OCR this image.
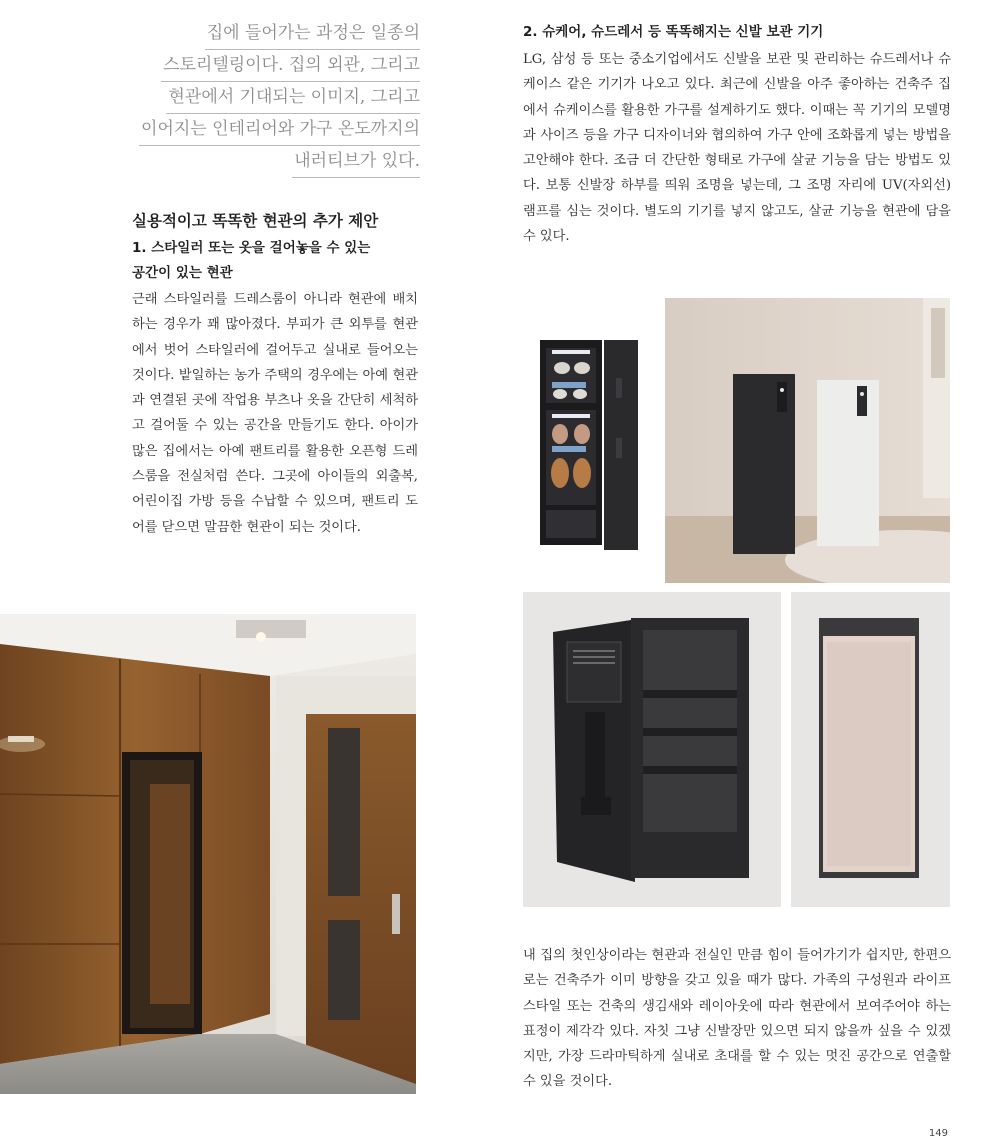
집에 들어가는 과정은 일종의
스토리텔링이다. 집의 외관, 그리고
현관에서 기대되는 이미지, 그리고
이어지는 인테리어와 가구 온도까지의
내러티브가 있다.
실용적이고 똑똑한 현관의 추가 제안
1. 스타일러 또는 옷을 걸어놓을 수 있는
공간이 있는 현관

근래 스타일러를 드레스룸이 아니라 현관에 배치하는 경우가 꽤 많아졌다. 부피가 큰 외투를 현관에서 벗어 스타일러에 걸어두고 실내로 들어오는 것이다. 밭일하는 농가 주택의 경우에는 아예 현관과 연결된 곳에 작업용 부츠나 옷을 간단히 세척하고 걸어둘 수 있는 공간을 만들기도 한다. 아이가 많은 집에서는 아예 팬트리를 활용한 오픈형 드레스룸을 전실처럼 쓴다. 그곳에 아이들의 외출복, 어린이집 가방 등을 수납할 수 있으며, 팬트리 도어를 닫으면 말끔한 현관이 되는 것이다.

2. 슈케어, 슈드레서 등 똑똑해지는 신발 보관 기기

LG, 삼성 등 또는 중소기업에서도 신발을 보관 및 관리하는 슈드레서나 슈케이스 같은 기기가 나오고 있다. 최근에 신발을 아주 좋아하는 건축주 집에서 슈케이스를 활용한 가구를 설계하기도 했다. 이때는 꼭 기기의 모델명과 사이즈 등을 가구 디자이너와 협의하여 가구 안에 조화롭게 넣는 방법을 고안해야 한다. 조금 더 간단한 형태로 가구에 살균 기능을 담는 방법도 있다. 보통 신발장 하부를 띄워 조명을 넣는데, 그 조명 자리에 UV(자외선) 램프를 심는 것이다. 별도의 기기를 넣지 않고도, 살균 기능을 현관에 담을 수 있다.

내 집의 첫인상이라는 현관과 전실인 만큼 힘이 들어가기가 쉽지만, 한편으로는 건축주가 이미 방향을 갖고 있을 때가 많다. 가족의 구성원과 라이프스타일 또는 건축의 생김새와 레이아웃에 따라 현관에서 보여주어야 하는 표정이 제각각 있다. 자칫 그냥 신발장만 있으면 되지 않을까 싶을 수 있겠지만, 가장 드라마틱하게 실내로 초대를 할 수 있는 멋진 공간으로 연출할 수 있을 것이다.

149
